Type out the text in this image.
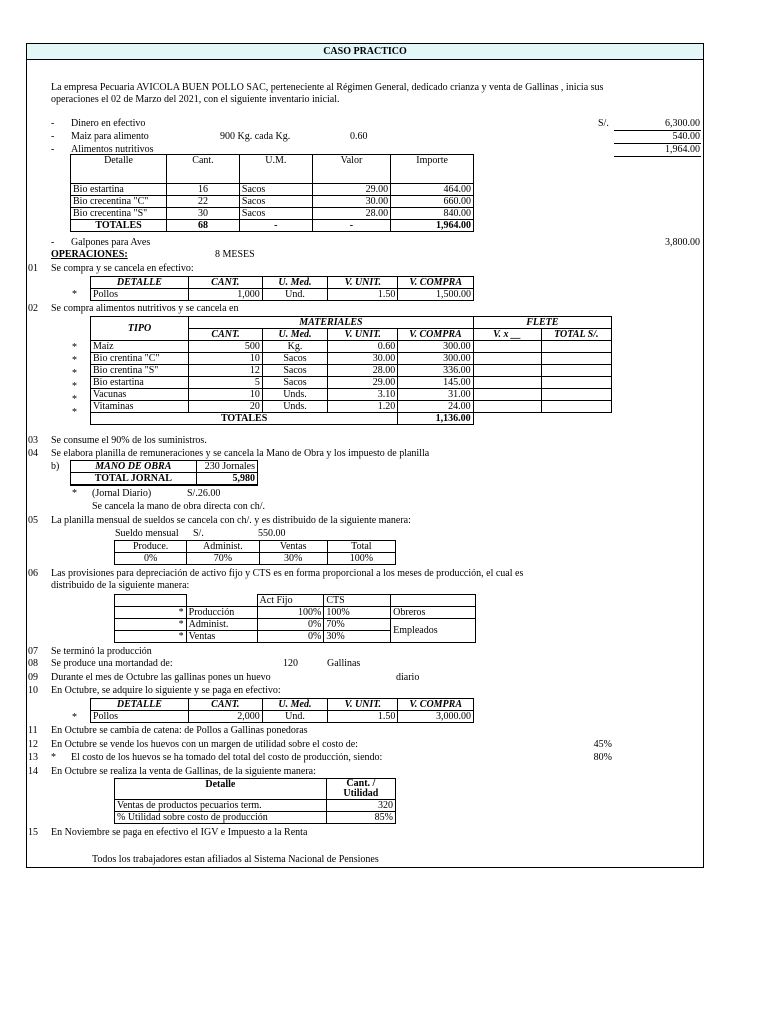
CASO PRACTICO
La empresa Pecuaria AVICOLA BUEN POLLO SAC, perteneciente al Régimen General, dedicado crianza y venta de Gallinas , inicia sus
operaciones el 02 de Marzo del 2021, con el siguiente inventario inicial.
- Dinero en efectivo	S/.	6,300.00
- Maiz para alimento	900 Kg. cada Kg.	0.60	540.00
- Alimentos nutritivos	1,964.00
Detalle	Cant.	U.M.	Valor	Importe
Bio estartina	16	Sacos	29.00	464.00
Bio crecentina "C"	22	Sacos	30.00	660.00
Bio crecentina "S"	30	Sacos	28.00	840.00
TOTALES	68	-	-	1,964.00
- Galpones para Aves	3,800.00
OPERACIONES:	8 MESES
01 Se compra y se cancela en efectivo:
DETALLE	CANT.	U. Med.	V. UNIT.	V. COMPRA
Pollos	1,000	Und.	1.50	1,500.00
*
02 Se compra alimentos nutritivos y se cancela en
TIPO	MATERIALES				FLETE	
	CANT.	U. Med.	V. UNIT.	V. COMPRA	V. x __	TOTAL S/.
Maíz	500	Kg.	0.60	300.00		
Bio crentina "C"	10	Sacos	30.00	300.00		
Bio crentina "S"	12	Sacos	28.00	336.00		
Bio estartina	5	Sacos	29.00	145.00		
Vacunas	10	Unds.	3.10	31.00		
Vitaminas	20	Unds.	1.20	24.00		
TOTALES				1,136.00		
*
*
*
*
*
*
03 Se consume el 90% de los suministros.
04 Se elabora planilla de remuneraciones y se cancela la Mano de Obra y los impuesto de planilla
b)	MANO DE OBRA	230 Jornales
TOTAL JORNAL	5,980
* (Jornal Diario)	S/.26.00
Se cancela la mano de obra directa con ch/.
05 La planilla mensual de sueldos se cancela con ch/. y es distribuido de la siguiente manera:
Sueldo mensual S/.	550.00
Produce.	Administ.	Ventas	Total
0%	70%	30%	100%
06 Las provisiones para depreciación de activo fijo y CTS es en forma proporcional a los meses de producción, el cual es
distribuido de la siguiente manera:
		Act Fijo	CTS	
*	Producción	100%	100%	Obreros
*	Administ.	0%	70%	Empleados
*	Ventas	0%	30%	
07 Se terminó la producción
08 Se produce una mortandad de:	120	Gallinas
09 Durante el mes de Octubre las gallinas pones un huevo	diario
10 En Octubre, se adquire lo siguiente y se paga en efectivo:
DETALLE	CANT.	U. Med.	V. UNIT.	V. COMPRA
Pollos	2,000	Und.	1.50	3,000.00
*
11 En Octubre se cambia de catena: de Pollos a Gallinas ponedoras
12 En Octubre se vende los huevos con un margen de utilidad sobre el costo de:	45%
13 * El costo de los huevos se ha tomado del total del costo de producción, siendo:	80%
14 En Octubre se realiza la venta de Gallinas, de la siguiente manera:
Detalle	Cant. /
Utilidad

Ventas de productos pecuarios term.	320
% Utilidad sobre costo de producción	85%
15 En Noviembre se paga en efectivo el IGV e Impuesto a la Renta
Todos los trabajadores estan afiliados al Sistema Nacional de Pensiones
